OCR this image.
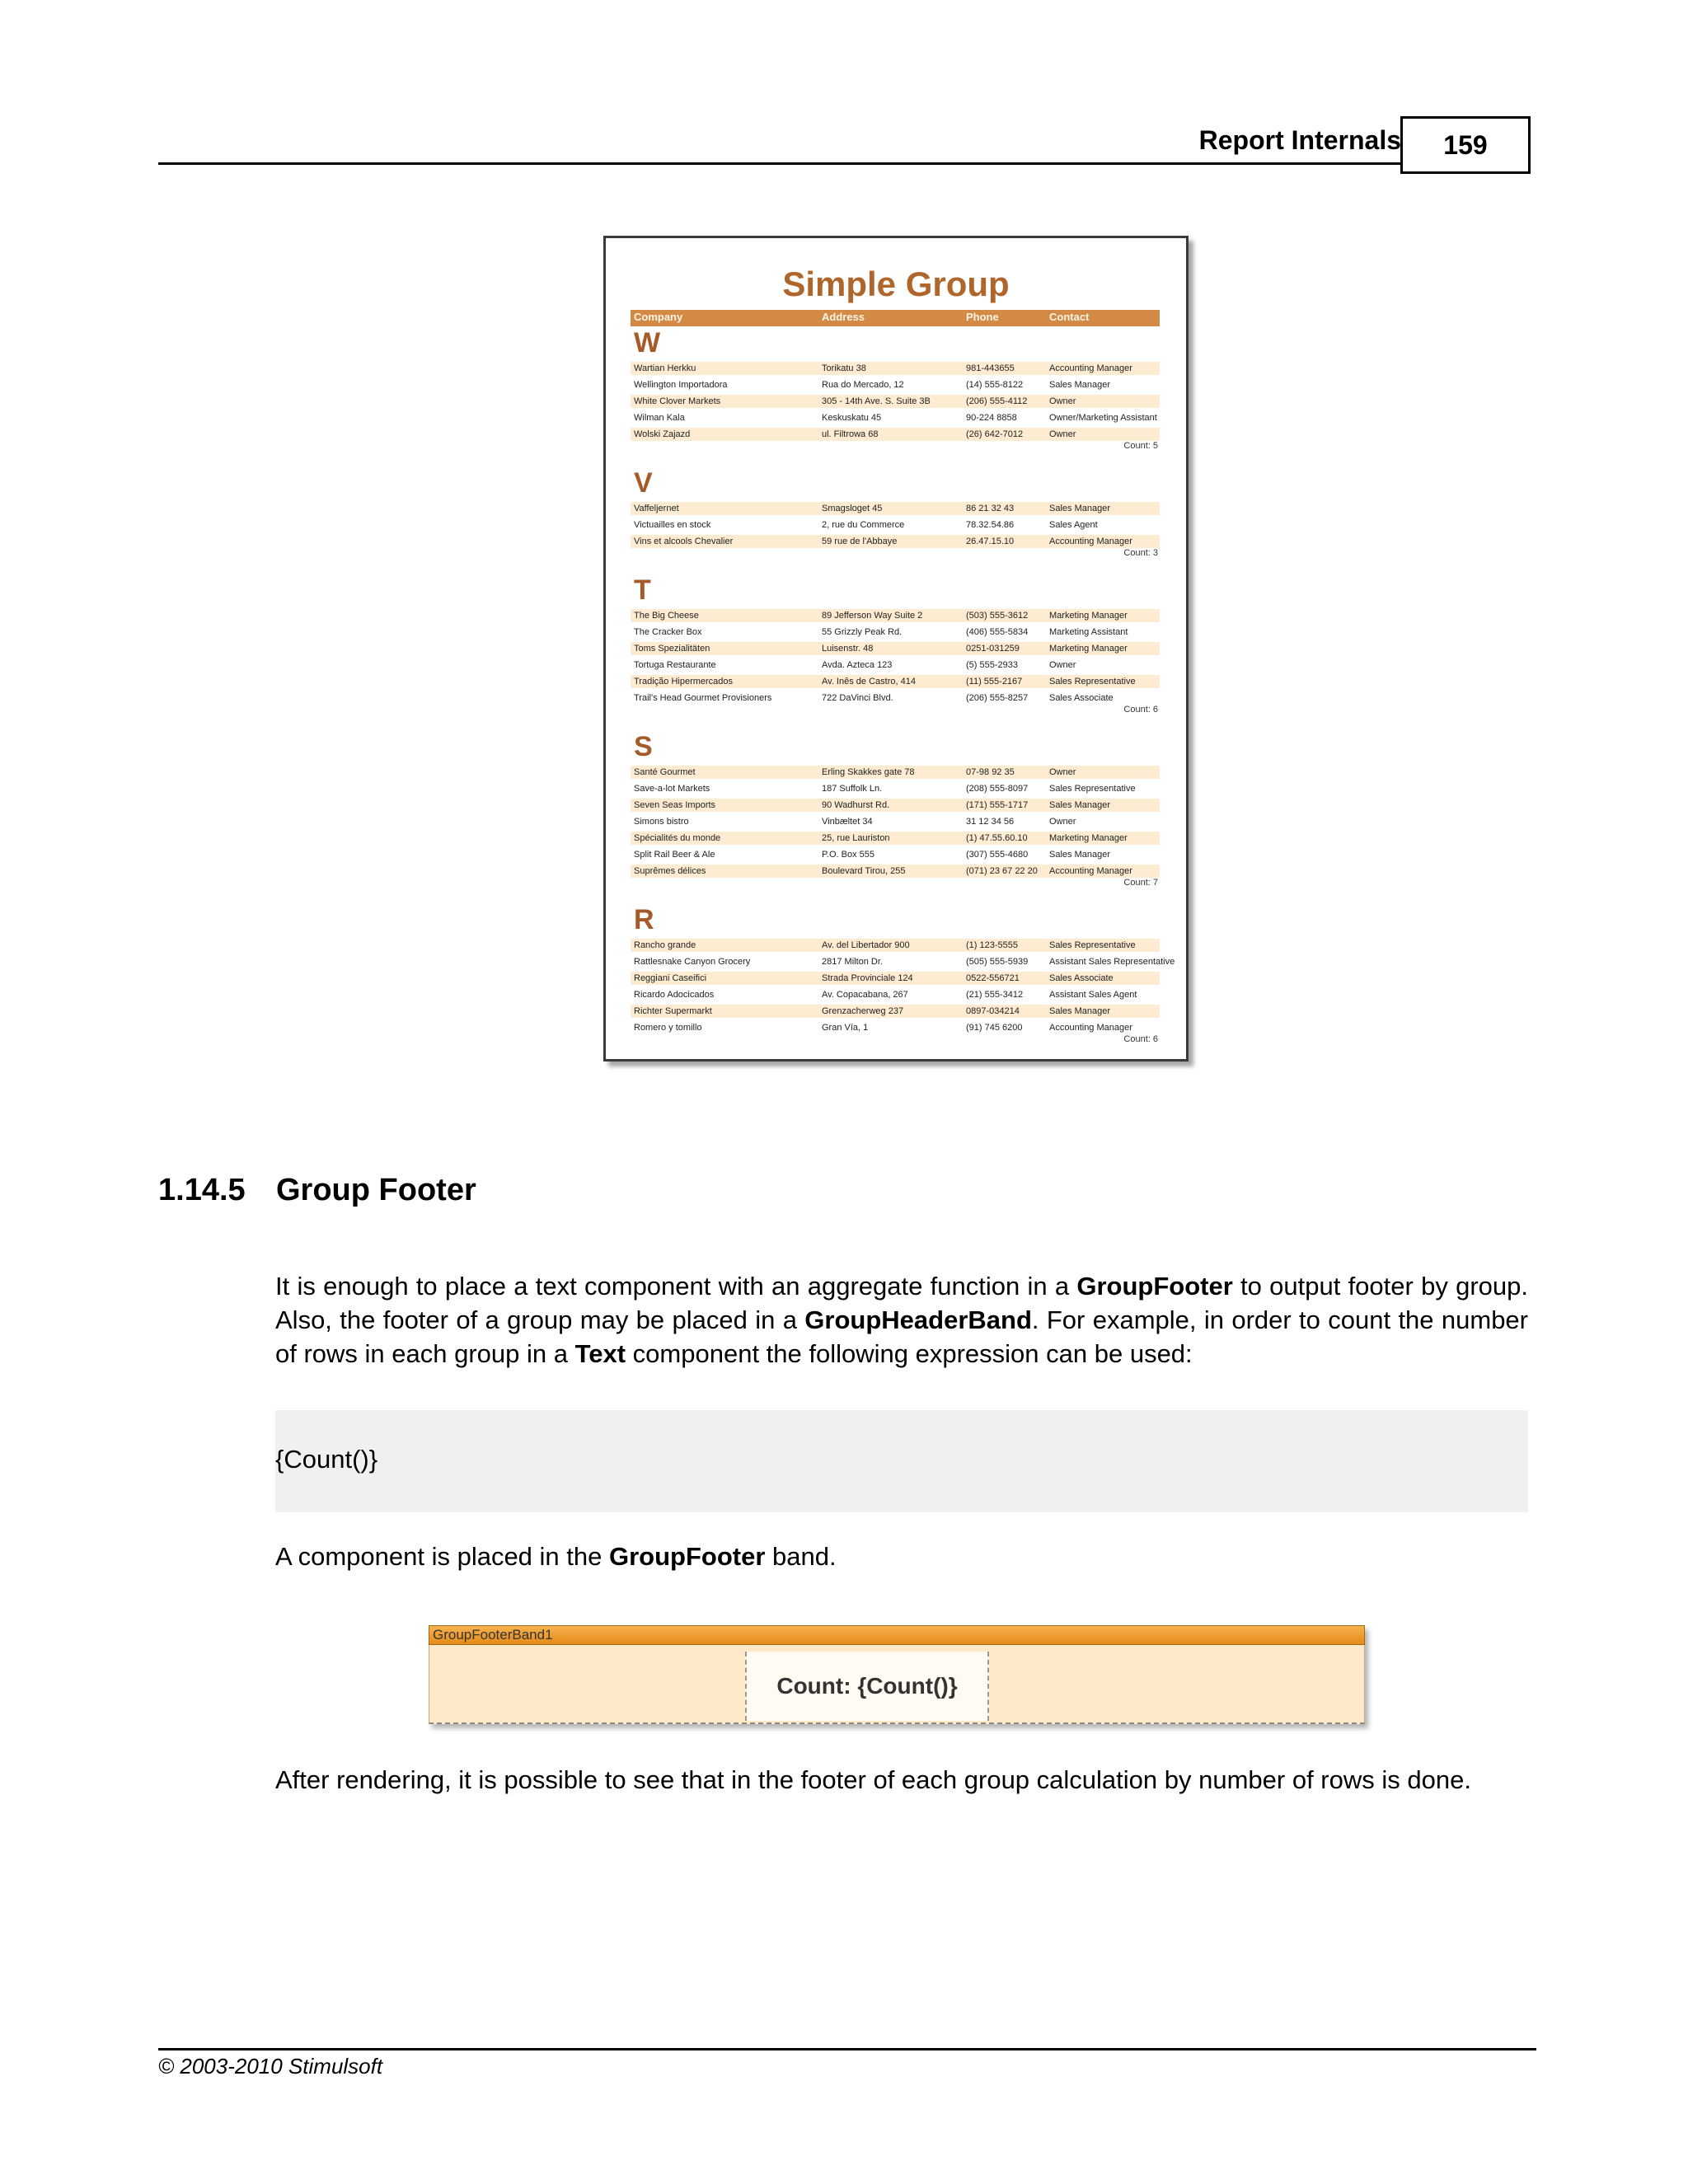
Report Internals	159
Simple Group
Company	Address	Phone	Contact
W
Wartian Herkku	Torikatu 38	981-443655	Accounting Manager
Wellington Importadora	Rua do Mercado, 12	(14) 555-8122	Sales Manager
White Clover Markets	305 - 14th Ave. S. Suite 3B	(206) 555-4112	Owner
Wilman Kala	Keskuskatu 45	90-224 8858	Owner/Marketing Assistant
Wolski Zajazd	ul. Filtrowa 68	(26) 642-7012	Owner
Count: 5
V
Vaffeljernet	Smagsloget 45	86 21 32 43	Sales Manager
Victuailles en stock	2, rue du Commerce	78.32.54.86	Sales Agent
Vins et alcools Chevalier	59 rue de l'Abbaye	26.47.15.10	Accounting Manager
Count: 3
T
The Big Cheese	89 Jefferson Way Suite 2	(503) 555-3612	Marketing Manager
The Cracker Box	55 Grizzly Peak Rd.	(406) 555-5834	Marketing Assistant
Toms Spezialitäten	Luisenstr. 48	0251-031259	Marketing Manager
Tortuga Restaurante	Avda. Azteca 123	(5) 555-2933	Owner
Tradição Hipermercados	Av. Inês de Castro, 414	(11) 555-2167	Sales Representative
Trail's Head Gourmet Provisioners	722 DaVinci Blvd.	(206) 555-8257	Sales Associate
Count: 6
S
Santé Gourmet	Erling Skakkes gate 78	07-98 92 35	Owner
Save-a-lot Markets	187 Suffolk Ln.	(208) 555-8097	Sales Representative
Seven Seas Imports	90 Wadhurst Rd.	(171) 555-1717	Sales Manager
Simons bistro	Vinbæltet 34	31 12 34 56	Owner
Spécialités du monde	25, rue Lauriston	(1) 47.55.60.10	Marketing Manager
Split Rail Beer & Ale	P.O. Box 555	(307) 555-4680	Sales Manager
Suprêmes délices	Boulevard Tirou, 255	(071) 23 67 22 20	Accounting Manager
Count: 7
R
Rancho grande	Av. del Libertador 900	(1) 123-5555	Sales Representative
Rattlesnake Canyon Grocery	2817 Milton Dr.	(505) 555-5939	Assistant Sales Representative
Reggiani Caseifici	Strada Provinciale 124	0522-556721	Sales Associate
Ricardo Adocicados	Av. Copacabana, 267	(21) 555-3412	Assistant Sales Agent
Richter Supermarkt	Grenzacherweg 237	0897-034214	Sales Manager
Romero y tomillo	Gran Vía, 1	(91) 745 6200	Accounting Manager
Count: 6
1.14.5 Group Footer
It is enough to place a text component with an aggregate function in a GroupFooter to output footer by group. Also, the footer of a group may be placed in a GroupHeaderBand. For example, in order to count the number of rows in each group in a Text component the following expression can be used:
{Count()}
A component is placed in the GroupFooter band.
GroupFooterBand1
Count: {Count()}
After rendering, it is possible to see that in the footer of each group calculation by number of rows is done.
© 2003-2010 Stimulsoft
